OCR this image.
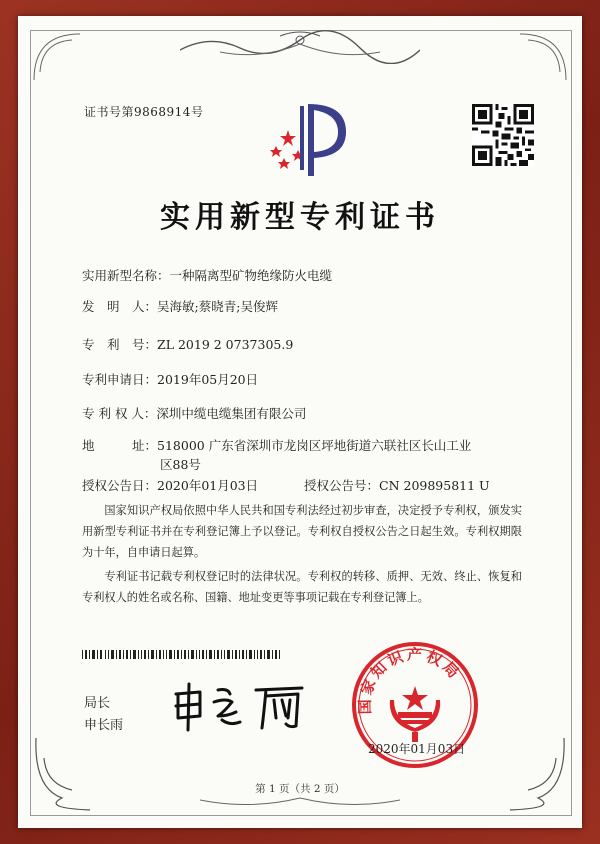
证书号第9868914号
实用新型专利证书
实用新型名称：一种隔离型矿物绝缘防火电缆
发　明　人：吴海敏;蔡晓青;吴俊辉
专　利　号：ZL 2019 2 0737305.9
专利申请日：2019年05月20日
专 利 权 人：深圳中缆电缆集团有限公司
地　　　址：518000 广东省深圳市龙岗区坪地街道六联社区长山工业
区88号
授权公告日：2020年01月03日	授权公告号：CN 209895811 U
国家知识产权局依照中华人民共和国专利法经过初步审查，决定授予专利权，颁发实用新型专利证书并在专利登记簿上予以登记。专利权自授权公告之日起生效。专利权期限为十年，自申请日起算。
专利证书记载专利权登记时的法律状况。专利权的转移、质押、无效、终止、恢复和专利权人的姓名或名称、国籍、地址变更等事项记载在专利登记簿上。
局长
申长雨
国家知识产权局
2020年01月03日
第 1 页（共 2 页）
